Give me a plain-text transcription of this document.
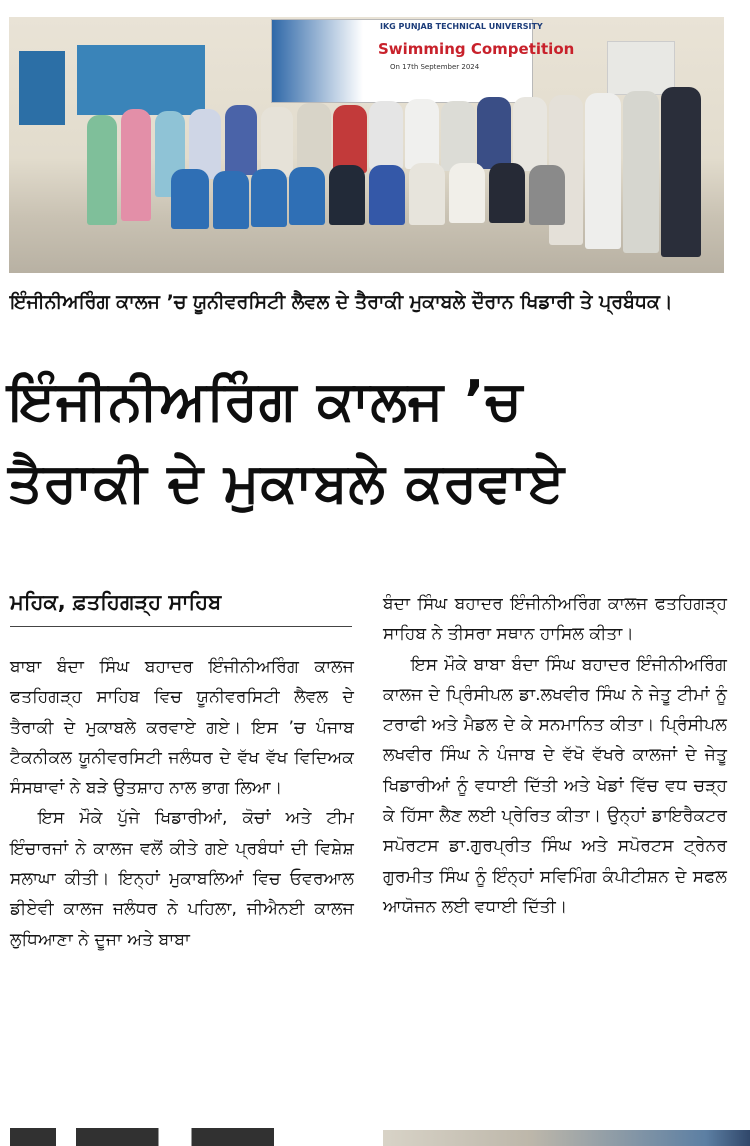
IKG PUNJAB TECHNICAL UNIVERSITY
Swimming Competition
On 17th September 2024
ਇੰਜੀਨੀਅਰਿੰਗ ਕਾਲਜ ’ਚ ਯੂਨੀਵਰਸਿਟੀ ਲੈਵਲ ਦੇ ਤੈਰਾਕੀ ਮੁਕਾਬਲੇ ਦੌਰਾਨ ਖਿਡਾਰੀ ਤੇ ਪ੍ਰਬੰਧਕ।
ਇੰਜੀਨੀਅਰਿੰਗ ਕਾਲਜ ’ਚ
ਤੈਰਾਕੀ ਦੇ ਮੁਕਾਬਲੇ ਕਰਵਾਏ
ਮਹਿਕ, ਫ਼ਤਹਿਗੜ੍ਹ ਸਾਹਿਬ

ਬਾਬਾ ਬੰਦਾ ਸਿੰਘ ਬਹਾਦਰ ਇੰਜੀਨੀਅਰਿੰਗ ਕਾਲਜ ਫਤਹਿਗੜ੍ਹ ਸਾਹਿਬ ਵਿਚ ਯੂਨੀਵਰਸਿਟੀ ਲੈਵਲ ਦੇ ਤੈਰਾਕੀ ਦੇ ਮੁਕਾਬਲੇ ਕਰਵਾਏ ਗਏ। ਇਸ ’ਚ ਪੰਜਾਬ ਟੈਕਨੀਕਲ ਯੂਨੀਵਰਸਿਟੀ ਜਲੰਧਰ ਦੇ ਵੱਖ ਵੱਖ ਵਿਦਿਅਕ ਸੰਸਥਾਵਾਂ ਨੇ ਬੜੇ ਉਤਸ਼ਾਹ ਨਾਲ ਭਾਗ ਲਿਆ।

ਇਸ ਮੌਕੇ ਪੁੱਜੇ ਖਿਡਾਰੀਆਂ, ਕੋਚਾਂ ਅਤੇ ਟੀਮ ਇੰਚਾਰਜਾਂ ਨੇ ਕਾਲਜ ਵਲੋਂ ਕੀਤੇ ਗਏ ਪ੍ਰਬੰਧਾਂ ਦੀ ਵਿਸ਼ੇਸ਼ ਸਲਾਘਾ ਕੀਤੀ। ਇਨ੍ਹਾਂ ਮੁਕਾਬਲਿਆਂ ਵਿਚ ਓਵਰਆਲ ਡੀਏਵੀ ਕਾਲਜ ਜਲੰਧਰ ਨੇ ਪਹਿਲਾ, ਜੀਐਨਈ ਕਾਲਜ ਲੁਧਿਆਣਾ ਨੇ ਦੂਜਾ ਅਤੇ ਬਾਬਾ

ਬੰਦਾ ਸਿੰਘ ਬਹਾਦਰ ਇੰਜੀਨੀਅਰਿੰਗ ਕਾਲਜ ਫਤਹਿਗੜ੍ਹ ਸਾਹਿਬ ਨੇ ਤੀਸਰਾ ਸਥਾਨ ਹਾਸਿਲ ਕੀਤਾ।

ਇਸ ਮੌਕੇ ਬਾਬਾ ਬੰਦਾ ਸਿੰਘ ਬਹਾਦਰ ਇੰਜੀਨੀਅਰਿੰਗ ਕਾਲਜ ਦੇ ਪ੍ਰਿੰਸੀਪਲ ਡਾ.ਲਖਵੀਰ ਸਿੰਘ ਨੇ ਜੇਤੂ ਟੀਮਾਂ ਨੂੰ ਟਰਾਫੀ ਅਤੇ ਮੈਡਲ ਦੇ ਕੇ ਸਨਮਾਨਿਤ ਕੀਤਾ। ਪ੍ਰਿੰਸੀਪਲ ਲਖਵੀਰ ਸਿੰਘ ਨੇ ਪੰਜਾਬ ਦੇ ਵੱਖੋ ਵੱਖਰੇ ਕਾਲਜਾਂ ਦੇ ਜੇਤੂ ਖਿਡਾਰੀਆਂ ਨੂੰ ਵਧਾਈ ਦਿੱਤੀ ਅਤੇ ਖੇਡਾਂ ਵਿੱਚ ਵਧ ਚੜ੍ਹ ਕੇ ਹਿੱਸਾ ਲੈਣ ਲਈ ਪ੍ਰੇਰਿਤ ਕੀਤਾ। ਉਨ੍ਹਾਂ ਡਾਇਰੈਕਟਰ ਸਪੋਰਟਸ ਡਾ.ਗੁਰਪ੍ਰੀਤ ਸਿੰਘ ਅਤੇ ਸਪੋਰਟਸ ਟ੍ਰੇਨਰ ਗੁਰਮੀਤ ਸਿੰਘ ਨੂੰ ਇੰਨ੍ਹਾਂ ਸਵਿਮਿੰਗ ਕੰਪੀਟੀਸ਼ਨ ਦੇ ਸਫਲ ਆਯੋਜਨ ਲਈ ਵਧਾਈ ਦਿੱਤੀ।
